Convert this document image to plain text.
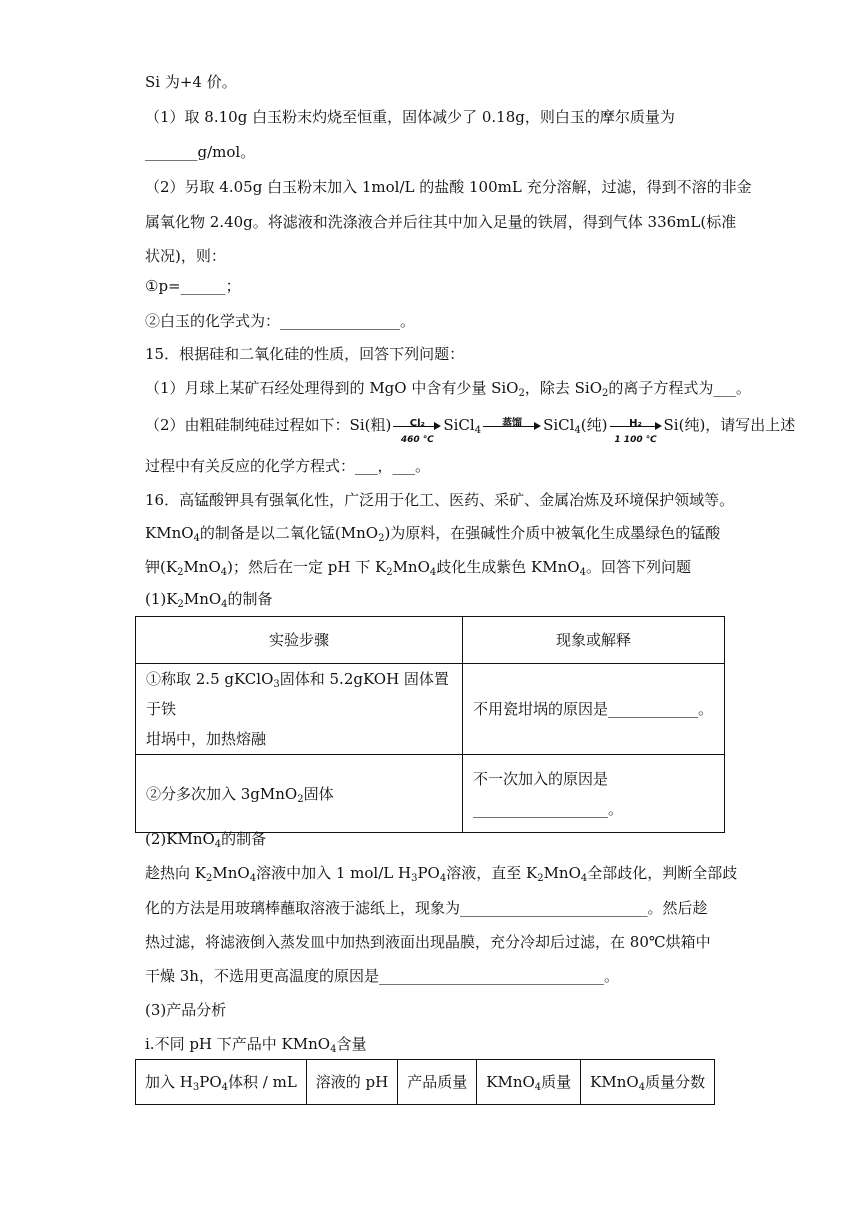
Si 为+4 价。
（1）取 8.10g 白玉粉末灼烧至恒重，固体减少了 0.18g，则白玉的摩尔质量为
_______g/mol。
（2）另取 4.05g 白玉粉末加入 1mol/L 的盐酸 100mL 充分溶解，过滤，得到不溶的非金
属氧化物 2.40g。将滤液和洗涤液合并后往其中加入足量的铁屑，得到气体 336mL(标准
状况)，则：
①p=______；
②白玉的化学式为：________________。
15．根据硅和二氧化硅的性质，回答下列问题：
（1）月球上某矿石经处理得到的 MgO 中含有少量 SiO$_2$，除去 SiO$_2$的离子方程式为___。
（2）由粗硅制纯硅过程如下：Si(粗)	Cl₂
460 ℃
SiCl$_4$
蒸馏	SiCl$_4$(纯)	H₂
1 100 ℃
Si(纯)，请写出上述
过程中有关反应的化学方程式：___，___。
16．高锰酸钾具有强氧化性，广泛用于化工、医药、采矿、金属冶炼及环境保护领域等。
KMnO$_4$的制备是以二氧化锰(MnO$_2$)为原料，在强碱性介质中被氧化生成墨绿色的锰酸
钾$(K_2MnO_4)$；然后在一定 pH 下 $K_2MnO_4$歧化生成紫色 KMnO$_4$。回答下列问题
$(1)K_2MnO_4$的制备
实验步骤	现象或解释

①称取 2.5 gKClO$_3$固体和 5.2gKOH 固体置于铁
坩埚中，加热熔融	不用瓷坩埚的原因是____________。
②分多次加入 3gMnO$_2$固体	不一次加入的原因是
__________________。
(2)KMnO$_4$的制备
趁热向 $K_2MnO_4$溶液中加入 1 mol/L $H_3PO_4$溶液，直至 $K_2MnO_4$全部歧化，判断全部歧
化的方法是用玻璃棒蘸取溶液于滤纸上，现象为_________________________。然后趁
热过滤，将滤液倒入蒸发皿中加热到液面出现晶膜，充分冷却后过滤，在 80℃烘箱中
干燥 3h，不选用更高温度的原因是______________________________。
(3)产品分析
i.不同 pH 下产品中 KMnO$_4$含量
加入 $H_3PO_4$体积 / mL	溶液的 pH	产品质量	KMnO$_4$质量	KMnO$_4$质量分数
